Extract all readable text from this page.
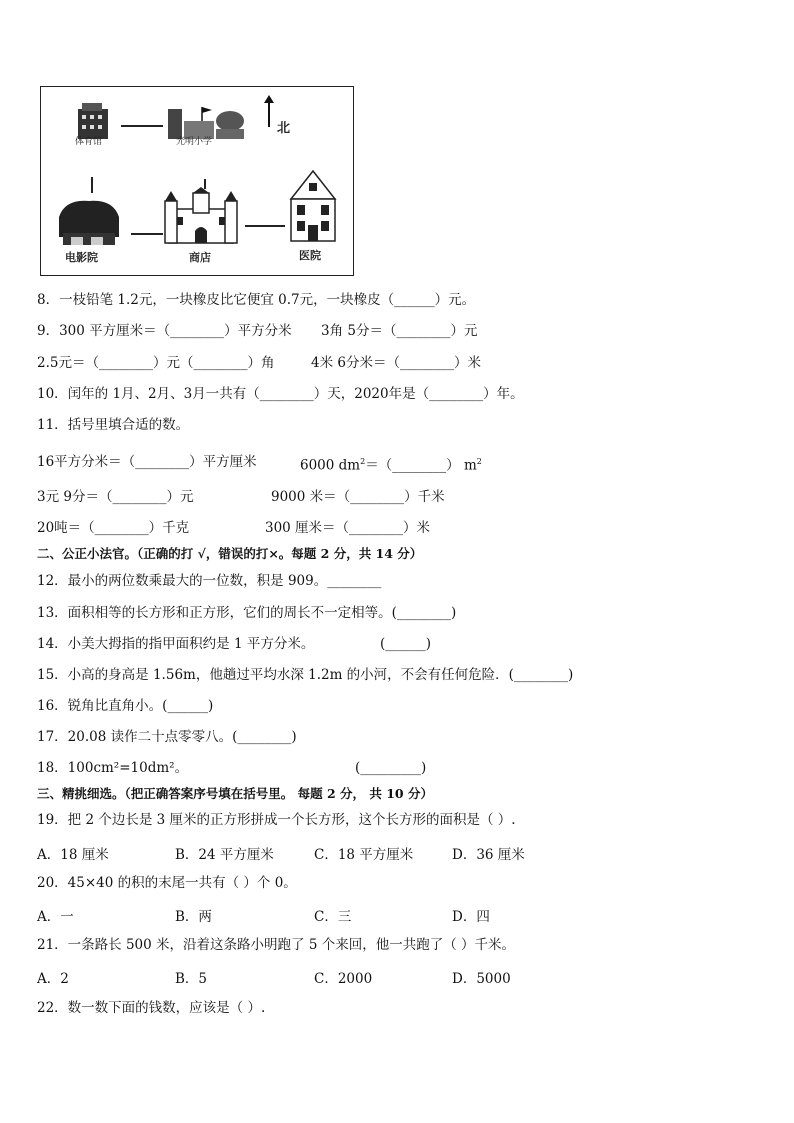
北
体育馆	光明小学
电影院	商店	医院
8．一枝铅笔 1.2元，一块橡皮比它便宜 0.7元，一块橡皮（______）元。
9．300 平方厘米＝（________）平方分米 3角 5分＝（________）元
2.5元＝（________）元（________）角	4米 6分米＝（________）米
10．闰年的 1月、2月、3月一共有（________）天，2020年是（________）年。
11．括号里填合适的数。
16平方分米＝（________）平方厘米	6000 $dm^2=(\_\_\_\_\_\_\_\_)$ $m^2$
3元 9分＝（________）元	9000 米＝（________）千米
20吨＝（________）千克	300 厘米＝（________）米
二、公正小法官。（正确的打 √，错误的打×。每题 2 分，共 14 分）
12．最小的两位数乘最大的一位数，积是 909。________
13．面积相等的长方形和正方形，它们的周长不一定相等。(________)
14．小美大拇指的指甲面积约是 1 平方分米。	(______)
15．小高的身高是 1.56m，他趟过平均水深 1.2m 的小河，不会有任何危险．(________)
16．锐角比直角小。(______)
17．20.08 读作二十点零零八。(________)
18．100cm²=10dm²。	(_________)
三、精挑细选。（把正确答案序号填在括号里。 每题 2 分， 共 10 分）
19．把 2 个边长是 3 厘米的正方形拼成一个长方形，这个长方形的面积是（ ）.
A．18 厘米	B．24 平方厘米	C．18 平方厘米	D．36 厘米
20．45×40 的积的末尾一共有（ ）个 0。
A．一	B．两	C．三	D．四
21．一条路长 500 米，沿着这条路小明跑了 5 个来回，他一共跑了（ ）千米。
A．2	B．5	C．2000	D．5000
22．数一数下面的钱数，应该是（ ）.
